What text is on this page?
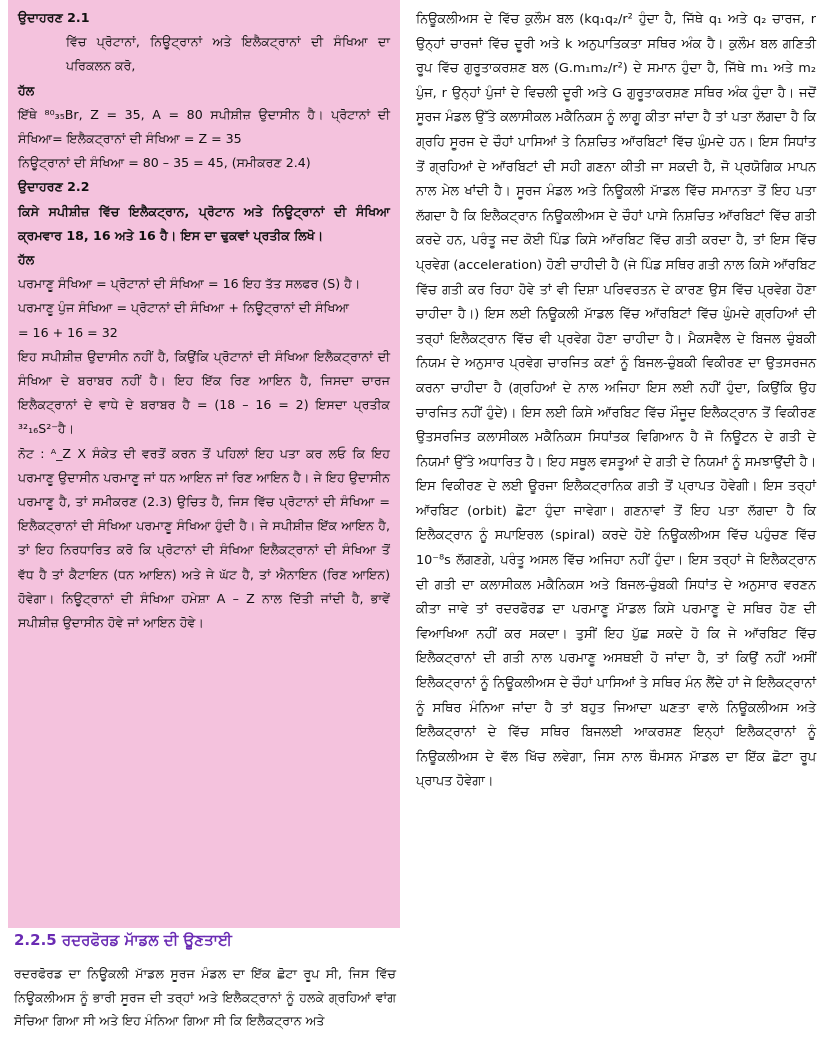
ਉਦਾਹਰਣ 2.1

ਵਿੱਚ ਪ੍ਰੋਟਾਨਾਂ, ਨਿਊਟ੍ਰਾਨਾਂ ਅਤੇ ਇਲੈਕਟ੍ਰਾਨਾਂ ਦੀ ਸੰਖਿਆ ਦਾ ਪਰਿਕਲਨ ਕਰੋ,

ਹੱਲ

ਇੱਥੇ ⁸⁰₃₅Br, Z = 35, A = 80 ਸਪੀਸ਼ੀਜ਼ ਉਦਾਸੀਨ ਹੈ। ਪ੍ਰੋਟਾਨਾਂ ਦੀ ਸੰਖਿਆ= ਇਲੈਕਟ੍ਰਾਨਾਂ ਦੀ ਸੰਖਿਆ = Z = 35

ਨਿਊਟ੍ਰਾਨਾਂ ਦੀ ਸੰਖਿਆ = 80 – 35 = 45, (ਸਮੀਕਰਣ 2.4)

ਉਦਾਹਰਣ 2.2

ਕਿਸੇ ਸਪੀਸ਼ੀਜ਼ ਵਿੱਚ ਇਲੈਕਟ੍ਰਾਨ, ਪ੍ਰੋਟਾਨ ਅਤੇ ਨਿਊਟ੍ਰਾਨਾਂ ਦੀ ਸੰਖਿਆ ਕ੍ਰਮਵਾਰ 18, 16 ਅਤੇ 16 ਹੈ। ਇਸ ਦਾ ਢੁਕਵਾਂ ਪ੍ਰਤੀਕ ਲਿਖੋ।

ਹੱਲ

ਪਰਮਾਣੂ ਸੰਖਿਆ = ਪ੍ਰੋਟਾਨਾਂ ਦੀ ਸੰਖਿਆ = 16 ਇਹ ਤੱਤ ਸਲਫਰ (S) ਹੈ।

ਪਰਮਾਣੂ ਪੁੰਜ ਸੰਖਿਆ = ਪ੍ਰੋਟਾਨਾਂ ਦੀ ਸੰਖਿਆ + ਨਿਊਟ੍ਰਾਨਾਂ ਦੀ ਸੰਖਿਆ

= 16 + 16 = 32

ਇਹ ਸਪੀਸ਼ੀਜ਼ ਉਦਾਸੀਨ ਨਹੀਂ ਹੈ, ਕਿਉਂਕਿ ਪ੍ਰੋਟਾਨਾਂ ਦੀ ਸੰਖਿਆ ਇਲੈਕਟ੍ਰਾਨਾਂ ਦੀ ਸੰਖਿਆ ਦੇ ਬਰਾਬਰ ਨਹੀਂ ਹੈ। ਇਹ ਇੱਕ ਰਿਣ ਆਇਨ ਹੈ, ਜਿਸਦਾ ਚਾਰਜ ਇਲੈਕਟ੍ਰਾਨਾਂ ਦੇ ਵਾਧੇ ਦੇ ਬਰਾਬਰ ਹੈ = (18 – 16 = 2) ਇਸਦਾ ਪ੍ਰਤੀਕ ³²₁₆S²⁻ਹੈ।

ਨੋਟ : ᴬ_Z X ਸੰਕੇਤ ਦੀ ਵਰਤੋਂ ਕਰਨ ਤੋਂ ਪਹਿਲਾਂ ਇਹ ਪਤਾ ਕਰ ਲਓ ਕਿ ਇਹ ਪਰਮਾਣੂ ਉਦਾਸੀਨ ਪਰਮਾਣੂ ਜਾਂ ਧਨ ਆਇਨ ਜਾਂ ਰਿਣ ਆਇਨ ਹੈ। ਜੇ ਇਹ ਉਦਾਸੀਨ ਪਰਮਾਣੂ ਹੈ, ਤਾਂ ਸਮੀਕਰਣ (2.3) ਉਚਿਤ ਹੈ, ਜਿਸ ਵਿੱਚ ਪ੍ਰੋਟਾਨਾਂ ਦੀ ਸੰਖਿਆ = ਇਲੈਕਟ੍ਰਾਨਾਂ ਦੀ ਸੰਖਿਆ ਪਰਮਾਣੂ ਸੰਖਿਆ ਹੁੰਦੀ ਹੈ। ਜੇ ਸਪੀਸ਼ੀਜ਼ ਇੱਕ ਆਇਨ ਹੈ, ਤਾਂ ਇਹ ਨਿਰਧਾਰਿਤ ਕਰੋ ਕਿ ਪ੍ਰੋਟਾਨਾਂ ਦੀ ਸੰਖਿਆ ਇਲੈਕਟ੍ਰਾਨਾਂ ਦੀ ਸੰਖਿਆ ਤੋਂ ਵੱਧ ਹੈ ਤਾਂ ਕੈਟਾਇਨ (ਧਨ ਆਇਨ) ਅਤੇ ਜੇ ਘੱਟ ਹੈ, ਤਾਂ ਐਨਾਇਨ (ਰਿਣ ਆਇਨ) ਹੋਵੇਗਾ। ਨਿਊਟ੍ਰਾਨਾਂ ਦੀ ਸੰਖਿਆ ਹਮੇਸ਼ਾ A – Z ਨਾਲ ਦਿੱਤੀ ਜਾਂਦੀ ਹੈ, ਭਾਵੇਂ ਸਪੀਸ਼ੀਜ਼ ਉਦਾਸੀਨ ਹੋਵੇ ਜਾਂ ਆਇਨ ਹੋਵੇ।

2.2.5 ਰਦਰਫੋਰਡ ਮਾੱਡਲ ਦੀ ਊਣਤਾਈ
ਰਦਰਫੋਰਡ ਦਾ ਨਿਊਕਲੀ ਮਾੱਡਲ ਸੂਰਜ ਮੰਡਲ ਦਾ ਇੱਕ ਛੋਟਾ ਰੂਪ ਸੀ, ਜਿਸ ਵਿੱਚ ਨਿਊਕਲੀਅਸ ਨੂੰ ਭਾਰੀ ਸੂਰਜ ਦੀ ਤਰ੍ਹਾਂ ਅਤੇ ਇਲੈਕਟ੍ਰਾਨਾਂ ਨੂੰ ਹਲਕੇ ਗ੍ਰਹਿਆਂ ਵਾਂਗ ਸੋਚਿਆ ਗਿਆ ਸੀ ਅਤੇ ਇਹ ਮੰਨਿਆ ਗਿਆ ਸੀ ਕਿ ਇਲੈਕਟ੍ਰਾਨ ਅਤੇ
ਨਿਊਕਲੀਅਸ ਦੇ ਵਿੱਚ ਕੁਲੌਮ ਬਲ (kq₁q₂/r² ਹੁੰਦਾ ਹੈ, ਜਿੱਥੇ q₁ ਅਤੇ q₂ ਚਾਰਜ, r ਉਨ੍ਹਾਂ ਚਾਰਜਾਂ ਵਿੱਚ ਦੂਰੀ ਅਤੇ k ਅਨੁਪਾਤਿਕਤਾ ਸਥਿਰ ਅੰਕ ਹੈ। ਕੁਲੌਮ ਬਲ ਗਣਿਤੀ ਰੂਪ ਵਿੱਚ ਗੁਰੂਤਾਕਰਸ਼ਣ ਬਲ (G.m₁m₂/r²) ਦੇ ਸਮਾਨ ਹੁੰਦਾ ਹੈ, ਜਿੱਥੇ m₁ ਅਤੇ m₂ ਪੁੰਜ, r ਉਨ੍ਹਾਂ ਪੁੰਜਾਂ ਦੇ ਵਿਚਲੀ ਦੂਰੀ ਅਤੇ G ਗੁਰੂਤਾਕਰਸ਼ਣ ਸਥਿਰ ਅੰਕ ਹੁੰਦਾ ਹੈ। ਜਦੋਂ ਸੂਰਜ ਮੰਡਲ ਉੱਤੇ ਕਲਾਸੀਕਲ ਮਕੈਨਿਕਸ ਨੂੰ ਲਾਗੂ ਕੀਤਾ ਜਾਂਦਾ ਹੈ ਤਾਂ ਪਤਾ ਲੱਗਦਾ ਹੈ ਕਿ ਗ੍ਰਹਿ ਸੂਰਜ ਦੇ ਚੌਹਾਂ ਪਾਸਿਆਂ ਤੇ ਨਿਸ਼ਚਿਤ ਆੱਰਬਿਟਾਂ ਵਿੱਚ ਘੁੰਮਦੇ ਹਨ। ਇਸ ਸਿਧਾਂਤ ਤੋਂ ਗ੍ਰਹਿਆਂ ਦੇ ਆੱਰਬਿਟਾਂ ਦੀ ਸਹੀ ਗਣਨਾ ਕੀਤੀ ਜਾ ਸਕਦੀ ਹੈ, ਜੋ ਪ੍ਰਯੋਗਿਕ ਮਾਪਨ ਨਾਲ ਮੇਲ ਖਾਂਦੀ ਹੈ। ਸੂਰਜ ਮੰਡਲ ਅਤੇ ਨਿਊਕਲੀ ਮਾੱਡਲ ਵਿੱਚ ਸਮਾਨਤਾ ਤੋਂ ਇਹ ਪਤਾ ਲੱਗਦਾ ਹੈ ਕਿ ਇਲੈਕਟ੍ਰਾਨ ਨਿਊਕਲੀਅਸ ਦੇ ਚੌਹਾਂ ਪਾਸੇ ਨਿਸ਼ਚਿਤ ਆੱਰਬਿਟਾਂ ਵਿੱਚ ਗਤੀ ਕਰਦੇ ਹਨ, ਪਰੰਤੂ ਜਦ ਕੋਈ ਪਿੰਡ ਕਿਸੇ ਆੱਰਬਿਟ ਵਿੱਚ ਗਤੀ ਕਰਦਾ ਹੈ, ਤਾਂ ਇਸ ਵਿੱਚ ਪ੍ਰਵੇਗ (acceleration) ਹੋਣੀ ਚਾਹੀਦੀ ਹੈ (ਜੇ ਪਿੰਡ ਸਥਿਰ ਗਤੀ ਨਾਲ ਕਿਸੇ ਆੱਰਬਿਟ ਵਿੱਚ ਗਤੀ ਕਰ ਰਿਹਾ ਹੋਵੇ ਤਾਂ ਵੀ ਦਿਸ਼ਾ ਪਰਿਵਰਤਨ ਦੇ ਕਾਰਣ ਉਸ ਵਿੱਚ ਪ੍ਰਵੇਗ ਹੋਣਾ ਚਾਹੀਦਾ ਹੈ।) ਇਸ ਲਈ ਨਿਊਕਲੀ ਮਾੱਡਲ ਵਿੱਚ ਆੱਰਬਿਟਾਂ ਵਿੱਚ ਘੁੰਮਦੇ ਗ੍ਰਹਿਆਂ ਦੀ ਤਰ੍ਹਾਂ ਇਲੈਕਟ੍ਰਾਨ ਵਿੱਚ ਵੀ ਪ੍ਰਵੇਗ ਹੋਣਾ ਚਾਹੀਦਾ ਹੈ। ਮੈਕਸਵੈਲ ਦੇ ਬਿਜਲ ਚੁੰਬਕੀ ਨਿਯਮ ਦੇ ਅਨੁਸਾਰ ਪ੍ਰਵੇਗ ਚਾਰਜਿਤ ਕਣਾਂ ਨੂੰ ਬਿਜਲ-ਚੁੰਬਕੀ ਵਿਕੀਰਣ ਦਾ ਉਤਸਰਜਨ ਕਰਨਾ ਚਾਹੀਦਾ ਹੈ (ਗ੍ਰਹਿਆਂ ਦੇ ਨਾਲ ਅਜਿਹਾ ਇਸ ਲਈ ਨਹੀਂ ਹੁੰਦਾ, ਕਿਉਂਕਿ ਉਹ ਚਾਰਜਿਤ ਨਹੀਂ ਹੁੰਦੇ)। ਇਸ ਲਈ ਕਿਸੇ ਆੱਰਬਿਟ ਵਿੱਚ ਮੌਜੂਦ ਇਲੈਕਟ੍ਰਾਨ ਤੋਂ ਵਿਕੀਰਣ ਉਤਸਰਜਿਤ ਕਲਾਸੀਕਲ ਮਕੈਨਿਕਸ ਸਿਧਾਂਤਕ ਵਿਗਿਆਨ ਹੈ ਜੋ ਨਿਊਟਨ ਦੇ ਗਤੀ ਦੇ ਨਿਯਮਾਂ ਉੱਤੇ ਅਧਾਰਿਤ ਹੈ। ਇਹ ਸਥੂਲ ਵਸਤੂਆਂ ਦੇ ਗਤੀ ਦੇ ਨਿਯਮਾਂ ਨੂੰ ਸਮਝਾਉਂਦੀ ਹੈ। ਇਸ ਵਿਕੀਰਣ ਦੇ ਲਈ ਊਰਜਾ ਇਲੈਕਟ੍ਰਾਨਿਕ ਗਤੀ ਤੋਂ ਪ੍ਰਾਪਤ ਹੋਵੇਗੀ। ਇਸ ਤਰ੍ਹਾਂ ਆੱਰਬਿਟ (orbit) ਛੋਟਾ ਹੁੰਦਾ ਜਾਵੇਗਾ। ਗਣਨਾਵਾਂ ਤੋਂ ਇਹ ਪਤਾ ਲੱਗਦਾ ਹੈ ਕਿ ਇਲੈਕਟ੍ਰਾਨ ਨੂੰ ਸਪਾਇਰਲ (spiral) ਕਰਦੇ ਹੋਏ ਨਿਊਕਲੀਅਸ ਵਿੱਚ ਪਹੁੰਚਣ ਵਿੱਚ 10⁻⁸s ਲੱਗਣਗੇ, ਪਰੰਤੂ ਅਸਲ ਵਿੱਚ ਅਜਿਹਾ ਨਹੀਂ ਹੁੰਦਾ। ਇਸ ਤਰ੍ਹਾਂ ਜੇ ਇਲੈਕਟ੍ਰਾਨ ਦੀ ਗਤੀ ਦਾ ਕਲਾਸੀਕਲ ਮਕੈਨਿਕਸ ਅਤੇ ਬਿਜਲ-ਚੁੰਬਕੀ ਸਿਧਾਂਤ ਦੇ ਅਨੁਸਾਰ ਵਰਣਨ ਕੀਤਾ ਜਾਵੇ ਤਾਂ ਰਦਰਫੋਰਡ ਦਾ ਪਰਮਾਣੂ ਮਾੱਡਲ ਕਿਸੇ ਪਰਮਾਣੂ ਦੇ ਸਥਿਰ ਹੋਣ ਦੀ ਵਿਆਖਿਆ ਨਹੀਂ ਕਰ ਸਕਦਾ। ਤੁਸੀਂ ਇਹ ਪੁੱਛ ਸਕਦੇ ਹੋ ਕਿ ਜੇ ਆੱਰਬਿਟ ਵਿੱਚ ਇਲੈਕਟ੍ਰਾਨਾਂ ਦੀ ਗਤੀ ਨਾਲ ਪਰਮਾਣੂ ਅਸਥਈ ਹੋ ਜਾਂਦਾ ਹੈ, ਤਾਂ ਕਿਉਂ ਨਹੀਂ ਅਸੀਂ ਇਲੈਕਟ੍ਰਾਨਾਂ ਨੂੰ ਨਿਊਕਲੀਅਸ ਦੇ ਚੌਹਾਂ ਪਾਸਿਆਂ ਤੇ ਸਥਿਰ ਮੰਨ ਲੈਂਦੇ ਹਾਂ ਜੇ ਇਲੈਕਟ੍ਰਾਨਾਂ ਨੂੰ ਸਥਿਰ ਮੰਨਿਆ ਜਾਂਦਾ ਹੈ ਤਾਂ ਬਹੁਤ ਜਿਆਦਾ ਘਣਤਾ ਵਾਲੇ ਨਿਊਕਲੀਅਸ ਅਤੇ ਇਲੈਕਟ੍ਰਾਨਾਂ ਦੇ ਵਿੱਚ ਸਥਿਰ ਬਿਜਲਈ ਆਕਰਸ਼ਣ ਇਨ੍ਹਾਂ ਇਲੈਕਟ੍ਰਾਨਾਂ ਨੂੰ ਨਿਊਕਲੀਅਸ ਦੇ ਵੱਲ ਖਿੱਚ ਲਵੇਗਾ, ਜਿਸ ਨਾਲ ਥੌਮਸਨ ਮਾੱਡਲ ਦਾ ਇੱਕ ਛੋਟਾ ਰੂਪ ਪ੍ਰਾਪਤ ਹੋਵੇਗਾ।
